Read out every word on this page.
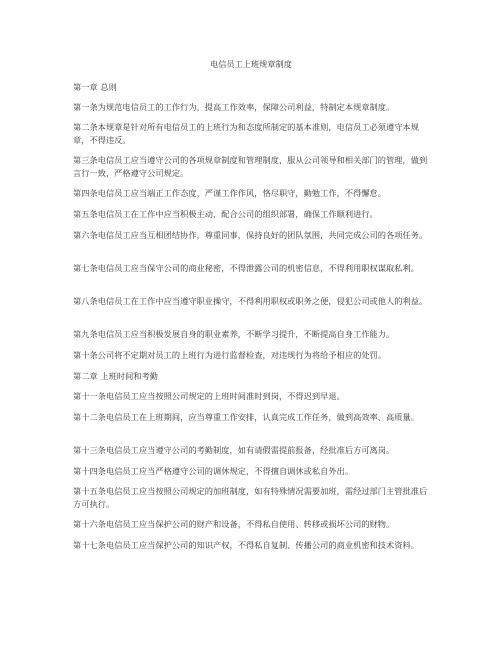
电信员工上班规章制度

第一章 总则

第一条为规范电信员工的工作行为，提高工作效率，保障公司利益，特制定本规章制度。

第二条本规章是针对所有电信员工的上班行为和态度所制定的基本准则，电信员工必须遵守本规章，不得违反。

第三条电信员工应当遵守公司的各项规章制度和管理制度，服从公司领导和相关部门的管理，做到言行一致，严格遵守公司规定。

第四条电信员工应当端正工作态度，严谨工作作风，恪尽职守，勤勉工作，不得懈怠。

第五条电信员工在工作中应当积极主动，配合公司的组织部署，确保工作顺利进行。

第六条电信员工应当互相团结协作，尊重同事，保持良好的团队氛围，共同完成公司的各项任务。

第七条电信员工应当保守公司的商业秘密，不得泄露公司的机密信息，不得利用职权谋取私利。

第八条电信员工在工作中应当遵守职业操守，不得利用职权或职务之便，侵犯公司或他人的利益。

第九条电信员工应当积极发展自身的职业素养，不断学习提升，不断提高自身工作能力。

第十条公司将不定期对员工的上班行为进行监督检查，对违规行为将给予相应的处罚。

第二章 上班时间和考勤

第十一条电信员工应当按照公司规定的上班时间准时到岗，不得迟到早退。

第十二条电信员工在上班期间，应当尊重工作安排，认真完成工作任务，做到高效率、高质量。

第十三条电信员工应当遵守公司的考勤制度，如有请假需提前报备，经批准后方可离岗。

第十四条电信员工应当严格遵守公司的调休规定，不得擅自调休或私自外出。

第十五条电信员工应当按照公司规定的加班制度，如有特殊情况需要加班，需经过部门主管批准后方可执行。

第十六条电信员工应当保护公司的财产和设备，不得私自使用、转移或损坏公司的财物。

第十七条电信员工应当保护公司的知识产权，不得私自复制、传播公司的商业机密和技术资料。
